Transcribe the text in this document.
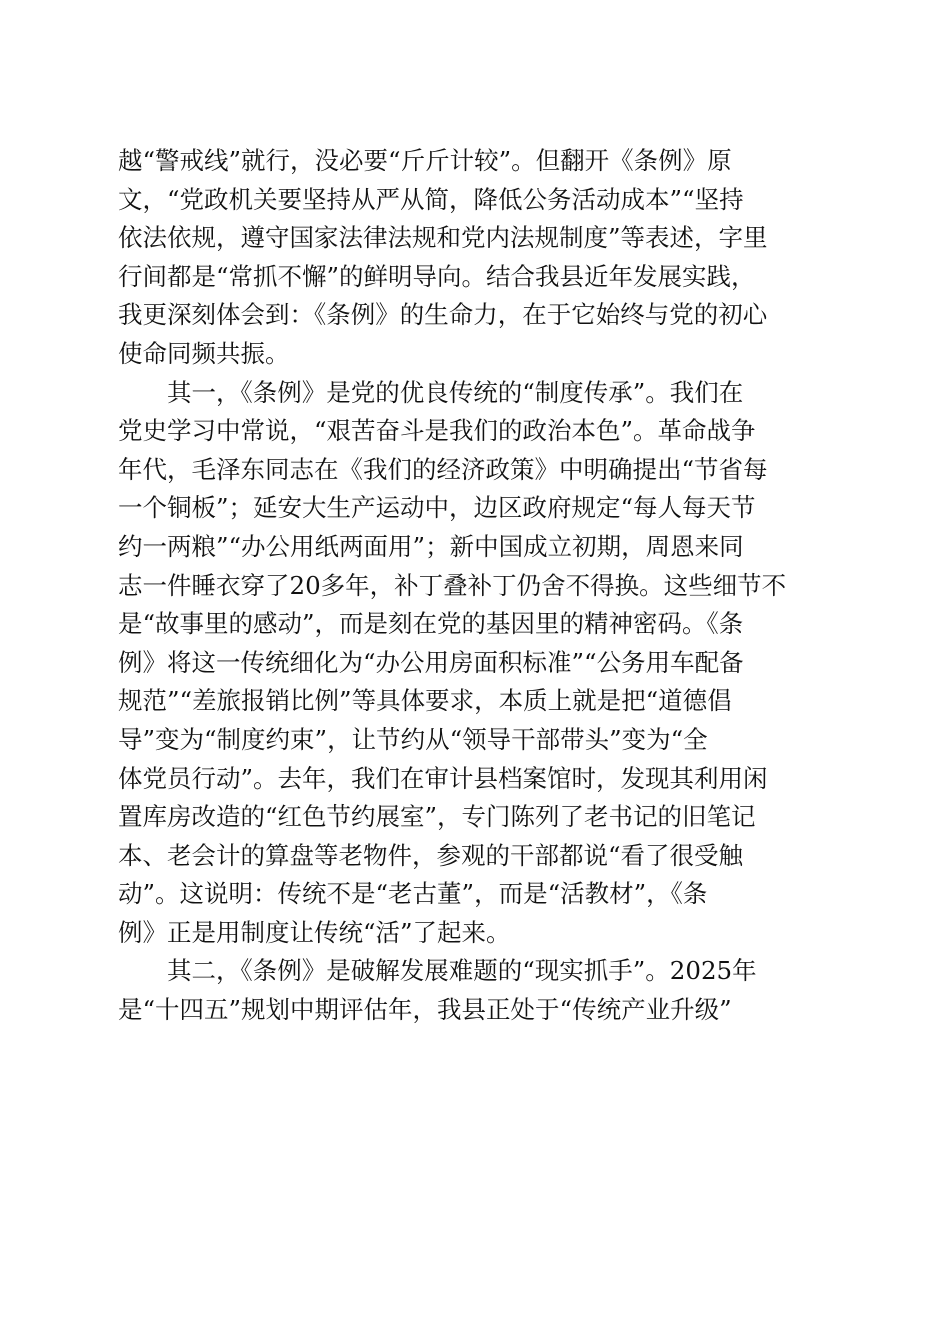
越“警戒线”就行，没必要“斤斤计较”。但翻开《条例》原
文，“党政机关要坚持从严从简，降低公务活动成本”“坚持
依法依规，遵守国家法律法规和党内法规制度”等表述，字里
行间都是“常抓不懈”的鲜明导向。结合我县近年发展实践，
我更深刻体会到：《条例》的生命力，在于它始终与党的初心
使命同频共振。
其一，《条例》是党的优良传统的“制度传承”。我们在
党史学习中常说，“艰苦奋斗是我们的政治本色”。革命战争
年代，毛泽东同志在《我们的经济政策》中明确提出“节省每
一个铜板”；延安大生产运动中，边区政府规定“每人每天节
约一两粮”“办公用纸两面用”；新中国成立初期，周恩来同
志一件睡衣穿了20多年，补丁叠补丁仍舍不得换。这些细节不
是“故事里的感动”，而是刻在党的基因里的精神密码。《条
例》将这一传统细化为“办公用房面积标准”“公务用车配备
规范”“差旅报销比例”等具体要求，本质上就是把“道德倡
导”变为“制度约束”，让节约从“领导干部带头”变为“全
体党员行动”。去年，我们在审计县档案馆时，发现其利用闲
置库房改造的“红色节约展室”，专门陈列了老书记的旧笔记
本、老会计的算盘等老物件，参观的干部都说“看了很受触
动”。这说明：传统不是“老古董”，而是“活教材”，《条
例》正是用制度让传统“活”了起来。
其二，《条例》是破解发展难题的“现实抓手”。2025年
是“十四五”规划中期评估年，我县正处于“传统产业升级”
